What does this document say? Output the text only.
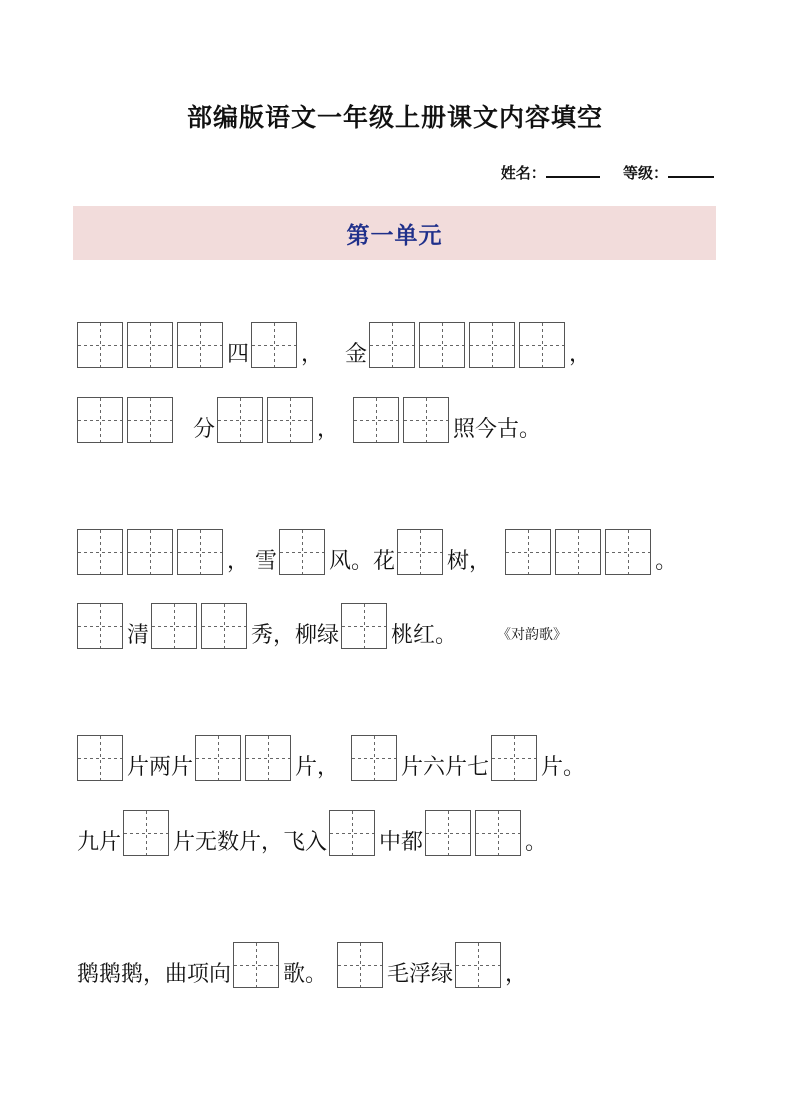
部编版语文一年级上册课文内容填空
姓名：	等级：
第一单元
四 ， 金	，
分	，	照今古。
， 雪 风。花 树，	。
清	秀，柳绿 桃红。	《对韵歌》
片两片	片，	片六片七 片。
九片 片无数片，飞入 中都	。
鹅鹅鹅，曲项向 歌。	毛浮绿 ，
